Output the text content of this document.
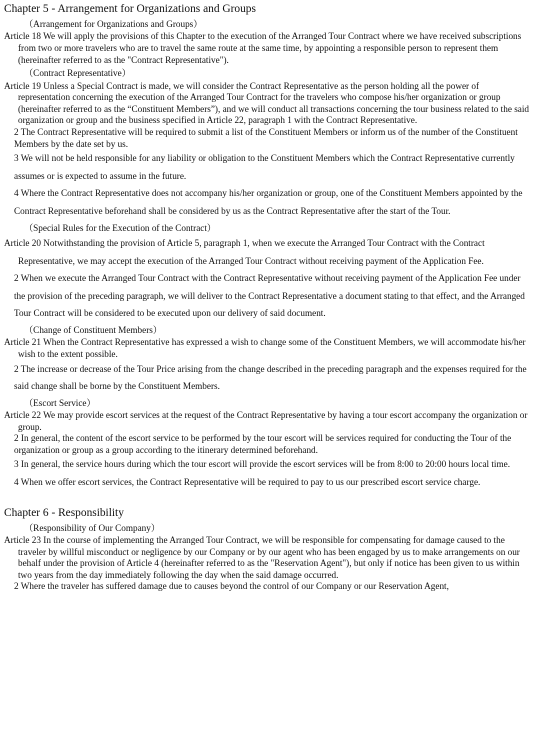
Chapter 5 - Arrangement for Organizations and Groups

（Arrangement for Organizations and Groups）

Article 18 We will apply the provisions of this Chapter to the execution of the Arranged Tour Contract where we have received subscriptions from two or more travelers who are to travel the same route at the same time, by appointing a responsible person to represent them (hereinafter referred to as the "Contract Representative").

（Contract Representative）

Article 19 Unless a Special Contract is made, we will consider the Contract Representative as the person holding all the power of representation concerning the execution of the Arranged Tour Contract for the travelers who compose his/her organization or group (hereinafter referred to as the “Constituent Members”), and we will conduct all transactions concerning the tour business related to the said organization or group and the business specified in Article 22, paragraph 1 with the Contract Representative.

2 The Contract Representative will be required to submit a list of the Constituent Members or inform us of the number of the Constituent Members by the date set by us.

3 We will not be held responsible for any liability or obligation to the Constituent Members which the Contract Representative currently assumes or is expected to assume in the future.

4 Where the Contract Representative does not accompany his/her organization or group, one of the Constituent Members appointed by the Contract Representative beforehand shall be considered by us as the Contract Representative after the start of the Tour.

（Special Rules for the Execution of the Contract）

Article 20 Notwithstanding the provision of Article 5, paragraph 1, when we execute the Arranged Tour Contract with the Contract Representative, we may accept the execution of the Arranged Tour Contract without receiving payment of the Application Fee.

2 When we execute the Arranged Tour Contract with the Contract Representative without receiving payment of the Application Fee under the provision of the preceding paragraph, we will deliver to the Contract Representative a document stating to that effect, and the Arranged Tour Contract will be considered to be executed upon our delivery of said document.

（Change of Constituent Members）

Article 21 When the Contract Representative has expressed a wish to change some of the Constituent Members, we will accommodate his/her wish to the extent possible.

2 The increase or decrease of the Tour Price arising from the change described in the preceding paragraph and the expenses required for the said change shall be borne by the Constituent Members.

（Escort Service）

Article 22 We may provide escort services at the request of the Contract Representative by having a tour escort accompany the organization or group.

2 In general, the content of the escort service to be performed by the tour escort will be services required for conducting the Tour of the organization or group as a group according to the itinerary determined beforehand.

3 In general, the service hours during which the tour escort will provide the escort services will be from 8:00 to 20:00 hours local time.

4 When we offer escort services, the Contract Representative will be required to pay to us our prescribed escort service charge.

Chapter 6 - Responsibility

（Responsibility of Our Company）

Article 23 In the course of implementing the Arranged Tour Contract, we will be responsible for compensating for damage caused to the traveler by willful misconduct or negligence by our Company or by our agent who has been engaged by us to make arrangements on our behalf under the provision of Article 4 (hereinafter referred to as the "Reservation Agent"), but only if notice has been given to us within two years from the day immediately following the day when the said damage occurred.

2 Where the traveler has suffered damage due to causes beyond the control of our Company or our Reservation Agent,
